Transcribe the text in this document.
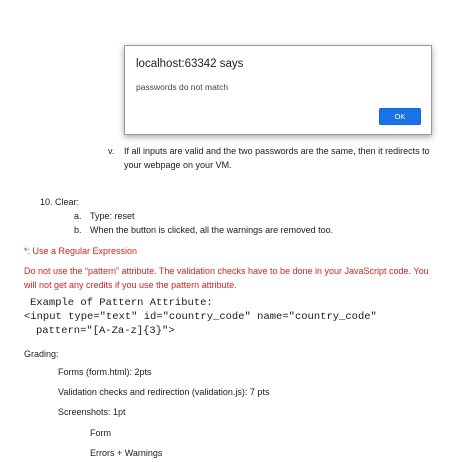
localhost:63342 says
passwords do not match
OK
v. If all inputs are valid and the two passwords are the same, then it redirects to
your webpage on your VM.
10. Clear:
a. Type: reset
b. When the button is clicked, all the warnings are removed too.
*: Use a Regular Expression
Do not use the “pattern” attribute. The validation checks have to be done in your JavaScript code. You
will not get any credits if you use the pattern attribute.
Example of Pattern Attribute:
<input type="text" id="country_code" name="country_code"
pattern="[A-Za-z]{3}">
Grading:
Forms (form.html): 2pts
Validation checks and redirection (validation.js): 7 pts
Screenshots: 1pt
Form
Errors + Warnings
